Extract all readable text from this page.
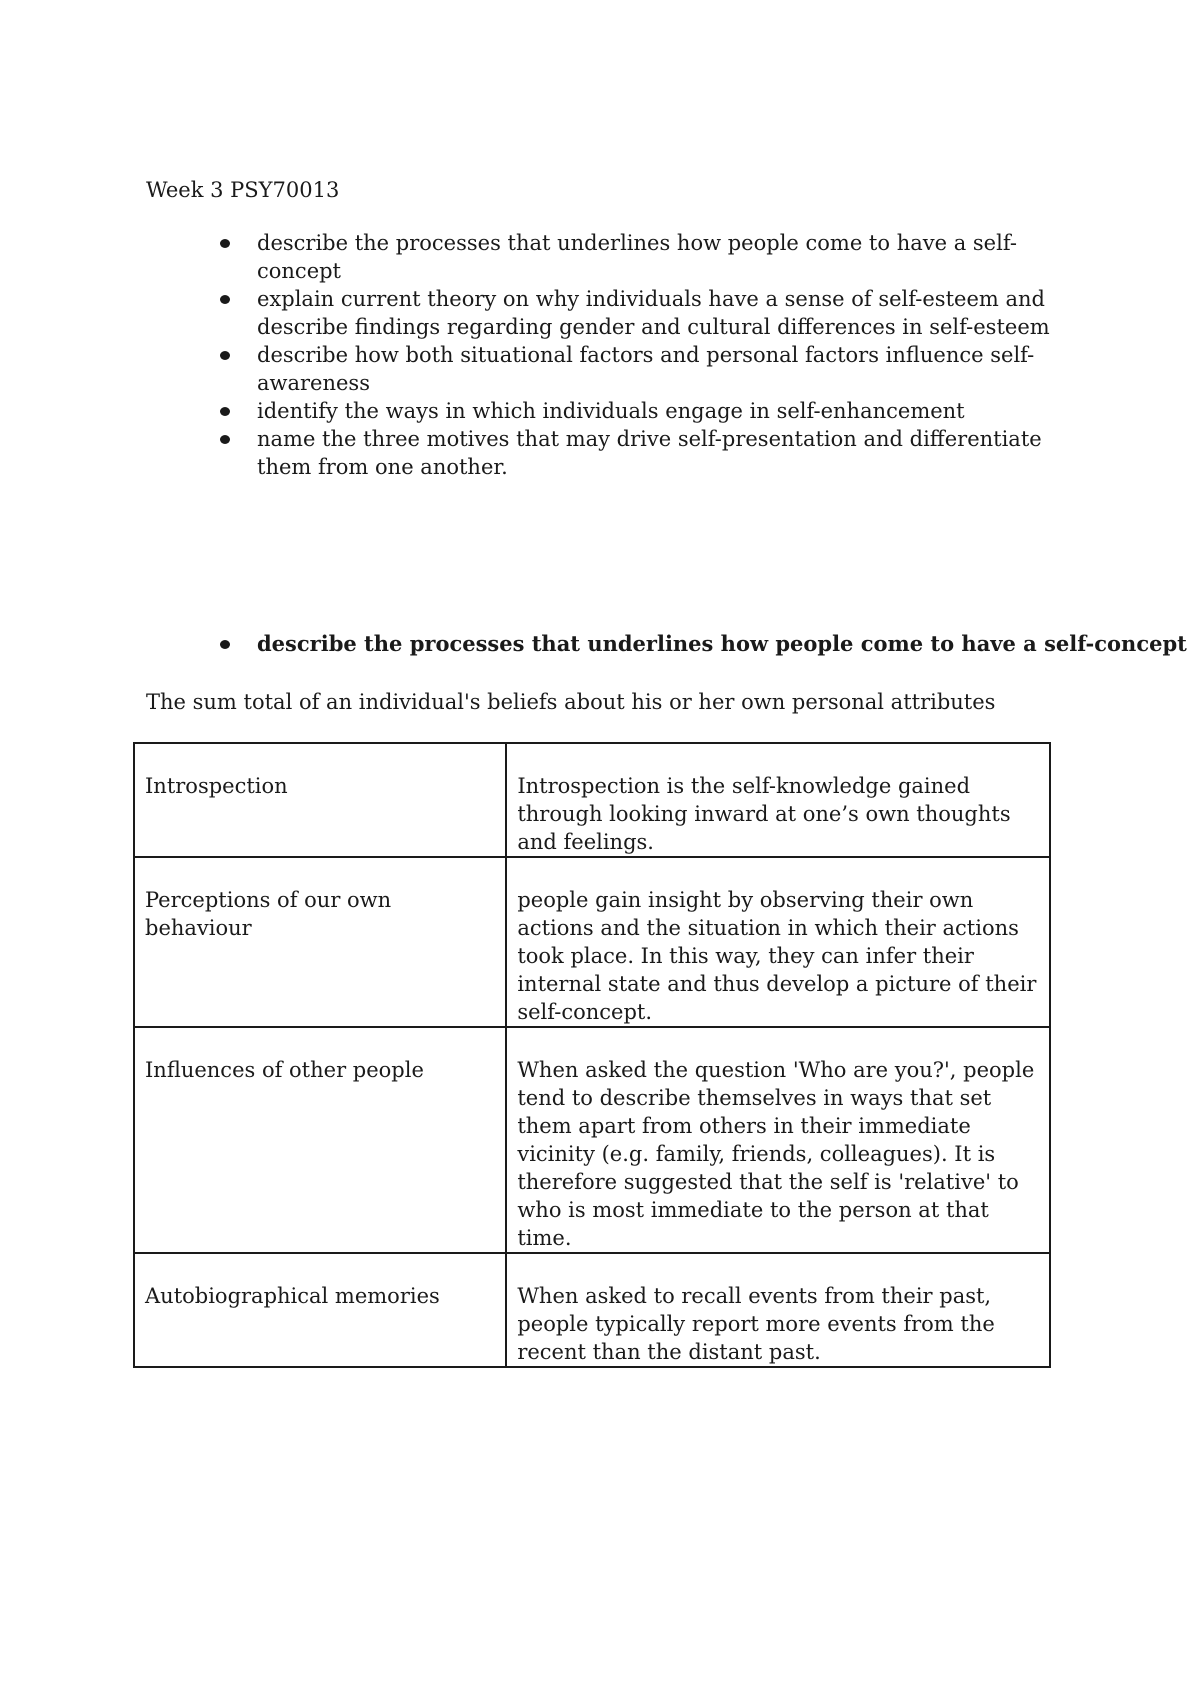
Week 3 PSY70013

describe the processes that underlines how people come to have a self-concept
explain current theory on why individuals have a sense of self-esteem and describe findings regarding gender and cultural differences in self-esteem
describe how both situational factors and personal factors influence self-awareness
identify the ways in which individuals engage in self-enhancement
name the three motives that may drive self-presentation and differentiate them from one another.
describe the processes that underlines how people come to have a self-concept

The sum total of an individual's beliefs about his or her own personal attributes

Introspection	Introspection is the self-knowledge gained through looking inward at one’s own thoughts and feelings.

Perceptions of our own behaviour	people gain insight by observing their own actions and the situation in which their actions took place. In this way, they can infer their internal state and thus develop a picture of their self-concept.

Influences of other people	When asked the question 'Who are you?', people tend to describe themselves in ways that set them apart from others in their immediate vicinity (e.g. family, friends, colleagues). It is therefore suggested that the self is 'relative' to who is most immediate to the person at that time.

Autobiographical memories	When asked to recall events from their past, people typically report more events from the recent than the distant past.
